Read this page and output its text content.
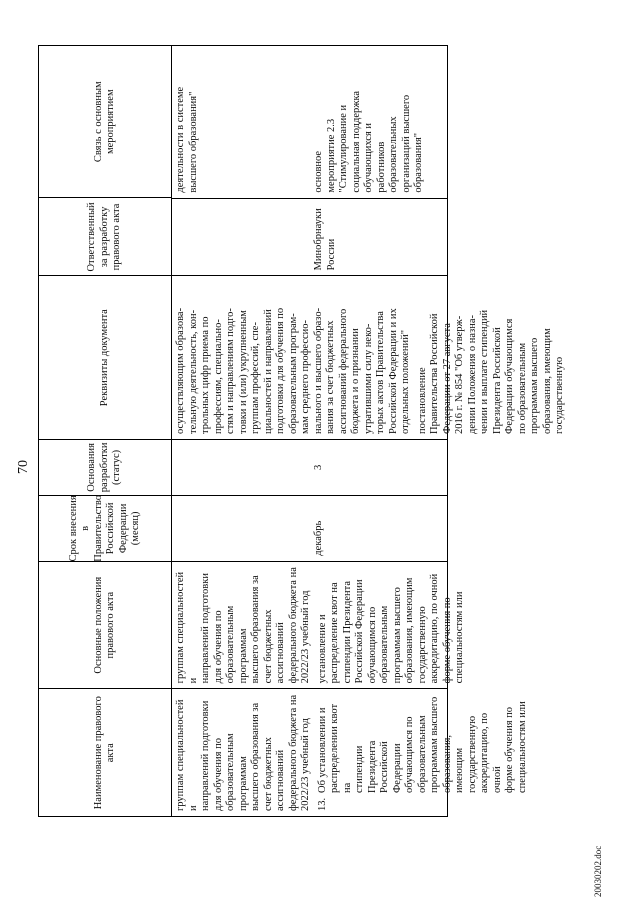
70
Наименование правового акта
Основные положения правового акта
Срок внесения в Правительство Российской Федерации (месяц)
Основания разработки (статус)
Реквизиты документа
Ответственный за разработку правового акта
Связь с основным мероприятием
группам специальностей и
направлений подготовки
для обучения по
образовательным
программам
высшего образования за
счет бюджетных
ассигнований
федерального бюджета на
2022/23 учебный год
13.
Об установлении и
распределении квот на
стипендии Президента
Российской Федерации
обучающимся по
образовательным
программам высшего
образования, имеющим
государственную
аккредитацию, по очной
форме обучения по
специальностям или
группам специальностей и
направлений подготовки
для обучения по
образовательным
программам
высшего образования за
счет бюджетных
ассигнований
федерального бюджета на
2022/23 учебный год
установление и
распределение квот на
стипендии Президента
Российской Федерации
обучающимся по
образовательным
программам высшего
образования, имеющим
государственную
аккредитацию, по очной
форме обучения по
специальностям или
декабрь
3
осуществляющим образова-
тельную деятельность, кон-
трольных цифр приема по
профессиям, специально-
стям и направлениям подго-
товки и (или) укрупненным
группам профессий, спе-
циальностей и направлений
подготовки для обучения по
образовательным програм-
мам среднего профессио-
нального и высшего образо-
вания за счет бюджетных
ассигнований федерального
бюджета и о признании
утратившими силу неко-
торых актов Правительства
Российской Федерации и их
отдельных положений"
постановление
Правительства Российской
Федерации от 27 августа
2016 г. № 854 "Об утверж-
дении Положения о назна-
чении и выплате стипендий
Президента Российской
Федерации обучающимся
по образовательным
программам высшего
образования, имеющим
государственную
Минобрнауки
России
деятельности в системе
высшего образования"
основное
мероприятие 2.3
"Стимулирование и
социальная поддержка
обучающихся и
работников
образовательных
организаций высшего
образования"
20030202.doc
